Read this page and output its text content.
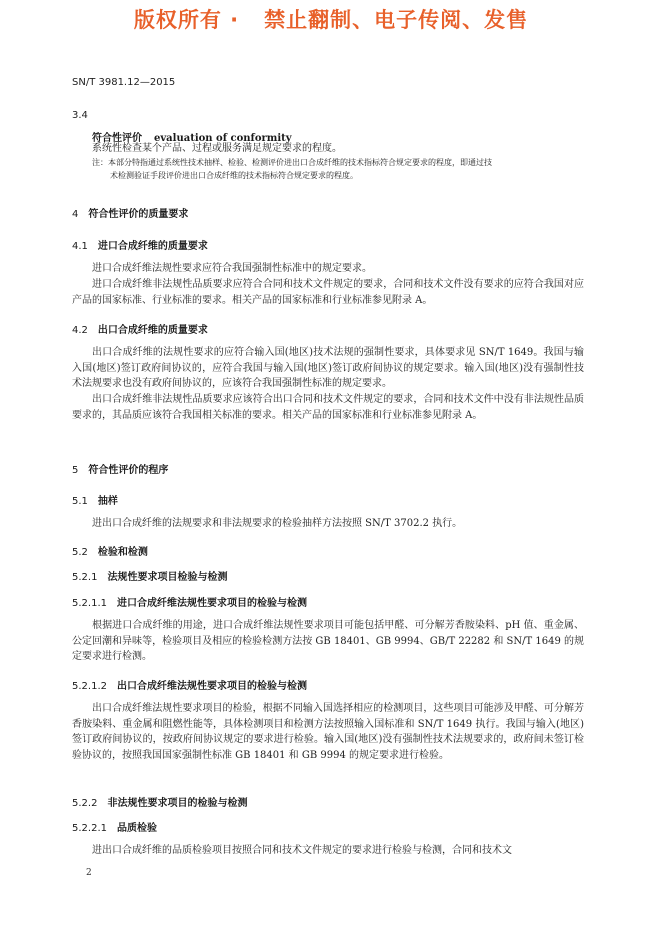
版权所有 ·   禁止翻制、电子传阅、发售
SN/T 3981.12—2015
3.4
符合性评价 evaluation of conformity
系统性检查某个产品、过程或服务满足规定要求的程度。
注：本部分特指通过系统性技术抽样、检验、检测评价进出口合成纤维的技术指标符合规定要求的程度，即通过技
术检测验证手段评价进出口合成纤维的技术指标符合规定要求的程度。
4 符合性评价的质量要求
4.1 进口合成纤维的质量要求
进口合成纤维法规性要求应符合我国强制性标准中的规定要求。
进口合成纤维非法规性品质要求应符合合同和技术文件规定的要求，合同和技术文件没有要求的应符合我国对应产品的国家标准、行业标准的要求。相关产品的国家标准和行业标准参见附录 A。
4.2 出口合成纤维的质量要求
出口合成纤维的法规性要求的应符合输入国(地区)技术法规的强制性要求，具体要求见 SN/T 1649。我国与输入国(地区)签订政府间协议的，应符合我国与输入国(地区)签订政府间协议的规定要求。输入国(地区)没有强制性技术法规要求也没有政府间协议的，应该符合我国强制性标准的规定要求。
出口合成纤维非法规性品质要求应该符合出口合同和技术文件规定的要求，合同和技术文件中没有非法规性品质要求的，其品质应该符合我国相关标准的要求。相关产品的国家标准和行业标准参见附录 A。
5 符合性评价的程序
5.1 抽样
进出口合成纤维的法规要求和非法规要求的检验抽样方法按照 SN/T 3702.2 执行。
5.2 检验和检测
5.2.1 法规性要求项目检验与检测
5.2.1.1 进口合成纤维法规性要求项目的检验与检测
根据进口合成纤维的用途，进口合成纤维法规性要求项目可能包括甲醛、可分解芳香胺染料、pH 值、重金属、公定回潮和异味等，检验项目及相应的检验检测方法按 GB 18401、GB 9994、GB/T 22282 和 SN/T 1649 的规定要求进行检测。
5.2.1.2 出口合成纤维法规性要求项目的检验与检测
出口合成纤维法规性要求项目的检验，根据不同输入国选择相应的检测项目，这些项目可能涉及甲醛、可分解芳香胺染料、重金属和阻燃性能等，具体检测项目和检测方法按照输入国标准和 SN/T 1649 执行。我国与输入(地区)签订政府间协议的，按政府间协议规定的要求进行检验。输入国(地区)没有强制性技术法规要求的，政府间未签订检验协议的，按照我国国家强制性标准 GB 18401 和 GB 9994 的规定要求进行检验。
5.2.2 非法规性要求项目的检验与检测
5.2.2.1 品质检验
进出口合成纤维的品质检验项目按照合同和技术文件规定的要求进行检验与检测，合同和技术文
2
